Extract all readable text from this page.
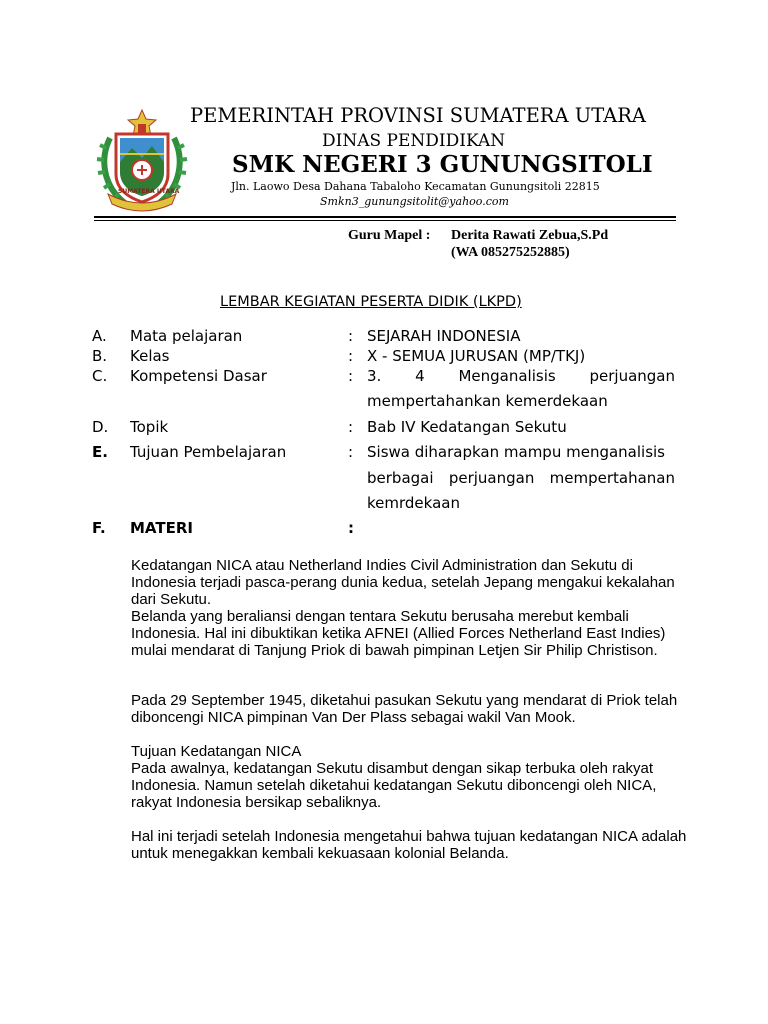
SUMATERA UTARA
PEMERINTAH PROVINSI SUMATERA UTARA
DINAS PENDIDIKAN
SMK NEGERI 3 GUNUNGSITOLI
Jln. Laowo Desa Dahana Tabaloho Kecamatan Gunungsitoli 22815
Smkn3_gunungsitolit@yahoo.com
Guru Mapel : Derita Rawati Zebua,S.Pd
(WA 085275252885)
LEMBAR KEGIATAN PESERTA DIDIK (LKPD)
A. Mata pelajaran	: SEJARAH INDONESIA
B. Kelas	: X - SEMUA JURUSAN (MP/TKJ)
C. Kompetensi Dasar	: 3. 4 Menganalisis perjuangan
mempertahankan kemerdekaan
D. Topik	: Bab IV Kedatangan Sekutu
E. Tujuan Pembelajaran	: Siswa diharapkan mampu menganalisis
berbagai perjuangan mempertahanan
kemrdekaan
F. MATERI	:
Kedatangan NICA atau Netherland Indies Civil Administration dan Sekutu di Indonesia terjadi pasca-perang dunia kedua, setelah Jepang mengakui kekalahan dari Sekutu.
Belanda yang beraliansi dengan tentara Sekutu berusaha merebut kembali Indonesia. Hal ini dibuktikan ketika AFNEI (Allied Forces Netherland East Indies) mulai mendarat di Tanjung Priok di bawah pimpinan Letjen Sir Philip Christison.
Pada 29 September 1945, diketahui pasukan Sekutu yang mendarat di Priok telah diboncengi NICA pimpinan Van Der Plass sebagai wakil Van Mook.
Tujuan Kedatangan NICA
Pada awalnya, kedatangan Sekutu disambut dengan sikap terbuka oleh rakyat Indonesia. Namun setelah diketahui kedatangan Sekutu diboncengi oleh NICA, rakyat Indonesia bersikap sebaliknya.
Hal ini terjadi setelah Indonesia mengetahui bahwa tujuan kedatangan NICA adalah untuk menegakkan kembali kekuasaan kolonial Belanda.
